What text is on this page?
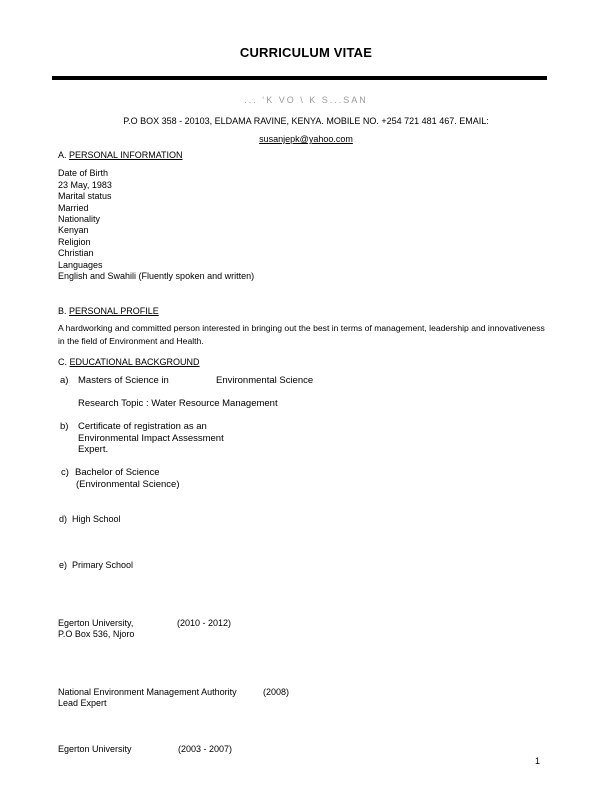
CURRICULUM VITAE
... ‘K VO \ K S...SAN
P.O BOX 358 - 20103, ELDAMA RAVINE, KENYA. MOBILE NO. +254 721 481 467. EMAIL:
susanjepk@yahoo.com
A. PERSONAL INFORMATION
Date of Birth
23 May, 1983
Marital status
Married
Nationality
Kenyan
Religion
Christian
Languages
English and Swahili (Fluently spoken and written)
B. PERSONAL PROFILE
A hardworking and committed person interested in bringing out the best in terms of management, leadership and innovativeness in the field of Environment and Health.
C. EDUCATIONAL BACKGROUND
a) Masters of Science in	Environmental Science
Research Topic : Water Resource Management
b) Certificate of registration as an
Environmental Impact Assessment
Expert.
c) Bachelor of Science
(Environmental Science)
d) High School
e) Primary School
Egerton University,	(2010 - 2012)
P.O Box 536, Njoro
National Environment Management Authority	(2008)
Lead Expert
Egerton University	(2003 - 2007)
1
